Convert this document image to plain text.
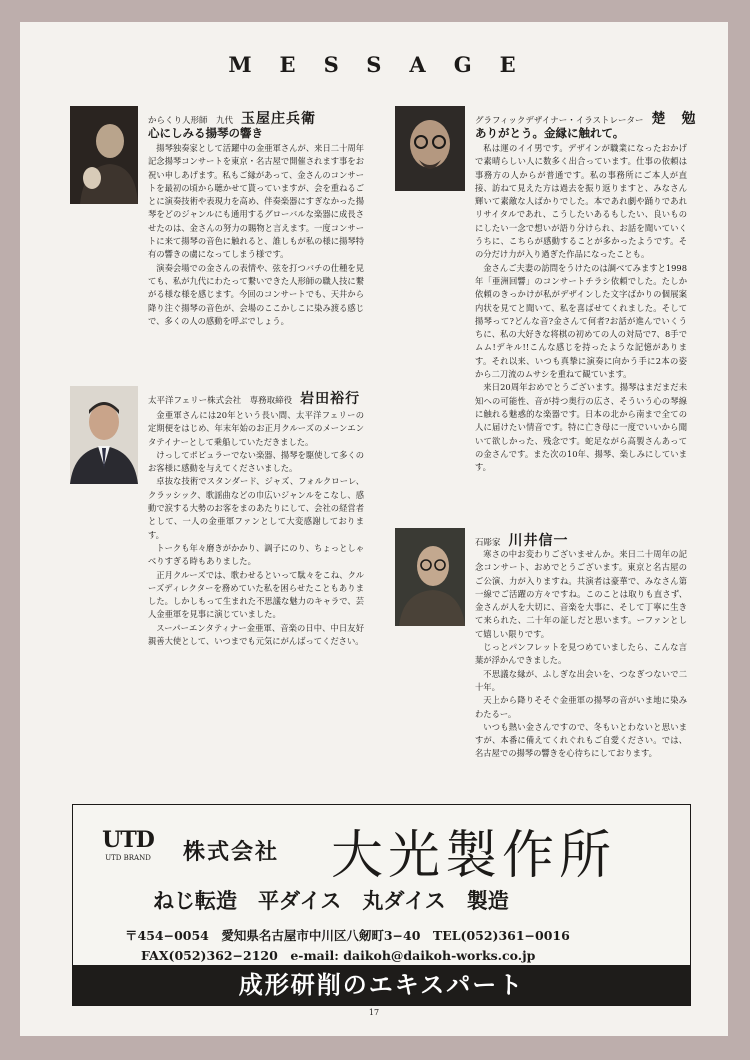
MESSAGE
からくり人形師　九代 玉屋庄兵衛
心にしみる揚琴の響き

揚琴独奏家として活躍中の金亜軍さんが、来日二十周年記念揚琴コンサートを東京・名古屋で開催されます事をお祝い申しあげます。私もご縁があって、金さんのコンサートを最初の頃から聴かせて貰っていますが、会を重ねるごとに演奏技術や表現力を高め、伴奏楽器にすぎなかった揚琴をどのジャンルにも通用するグローバルな楽器に成長させたのは、金さんの努力の賜物と言えます。一度コンサートに来て揚琴の音色に触れると、誰しもが私の様に揚琴特有の響きの虜になってしまう様です。

演奏会場での金さんの表情や、弦を打つバチの仕種を見ても、私が九代にわたって繋いできた人形師の職人技に繋がる様な様を感じます。今回のコンサートでも、天井から降り注ぐ揚琴の音色が、会場のここかしこに染み渡る感じで、多くの人の感動を呼ぶでしょう。

太平洋フェリー株式会社　専務取締役 岩田裕行

金亜軍さんには20年という長い間、太平洋フェリーの定期便をはじめ、年末年始のお正月クルーズのメーンエンタテイナーとして乗船していただきました。

けっしてポピュラーでない楽器、揚琴を駆使して多くのお客様に感動を与えてくださいました。

卓抜な技術でスタンダード、ジャズ、フォルクローレ、クラッシック、歌謡曲などの巾広いジャンルをこなし、感動で涙する大勢のお客をまのあたりにして、会社の経営者として、一人の金亜軍ファンとして大変感謝しております。

トークも年々磨きがかかり、調子にのり、ちょっとしゃべりすぎる時もありました。

正月クルーズでは、歌わせるといって駄々をこね、クルーズディレクターを務めていた私を困らせたこともありました。しかしもって生まれた不思議な魅力のキャラで、芸人金亜軍を見事に演じていました。

スーパーエンタティナー金亜軍、音楽の日中、中日友好親善大使として、いつまでも元気にがんばってください。

グラフィックデザイナー・イラストレーター 楚　勉
ありがとう。金縁に触れて。

私は運のイイ男です。デザインが職業になったおかげで素晴らしい人に数多く出合っています。仕事の依頼は事務方の人からが普通です。私の事務所にご本人が直接、訪ねて見えた方は過去を振り返りますと、みなさん輝いて素敵な人ばかりでした。本であれ劇や踊りであれリサイタルであれ、こうしたいあるもしたい、良いものにしたい一念で想いが語り分けられ、お話を聞いていくうちに、こちらが感動することが多かったようです。その分だけ力が入り過ぎた作品になったことも。

金さんご夫妻の訪問をうけたのは調べてみますと1998年「亜洲回響」のコンサートチラシ依頼でした。たしか依頼のきっかけが私がデザインした文字ばかりの個展案内状を見てと聞いて、私を喜ばせてくれました。そして揚琴って?どんな音?金さんて何者?お話が進んでいくうちに、私の大好きな将棋の初めての人の対局で7、8手でムム!デキル!!こんな感じを持ったような記憶があります。それ以来、いつも真摯に演奏に向かう手に2本の姿から二刀流のムサシを重ねて観ています。

来日20周年おめでとうございます。揚琴はまだまだ未知への可能性、音が持つ奥行の広さ、そういう心の琴線に触れる魅惑的な楽器です。日本の北から南まで全ての人に届けたい情音です。特に亡き母に一度でいいから聞いて欲しかった、残念です。蛇足ながら高製さんあっての金さんです。また次の10年、揚琴、楽しみにしています。

石彫家 川井信一

寒さの中お変わりございませんか。来日二十周年の記念コンサート、おめでとうございます。東京と名古屋のご公演、力が入りますね。共演者は豪華で、みなさん第一線でご活躍の方々ですね。このことは取りも直さず、金さんが人を大切に、音楽を大事に、そして丁寧に生きて来られた、二十年の証しだと思います。ーファンとして嬉しい限りです。

じっとパンフレットを見つめていましたら、こんな言葉が浮かんできました。

不思議な縁が、ふしぎな出会いを、つなぎつないで二十年。

天上から降りそそぐ金亜軍の揚琴の音がいま地に染みわたるー。

いつも熱い金さんですので、冬もいとわないと思いますが、本番に備えてくれぐれもご自愛ください。では、名古屋での揚琴の響きを心待ちにしております。

UTD
UTD BRAND	株式会社 大光製作所
ねじ転造　平ダイス　丸ダイス　製造
〒454−0054　愛知県名古屋市中川区八剱町3−40　TEL(052)361−0016
FAX(052)362−2120　e-mail: daikoh@daikoh-works.co.jp
成形研削のエキスパート
17
